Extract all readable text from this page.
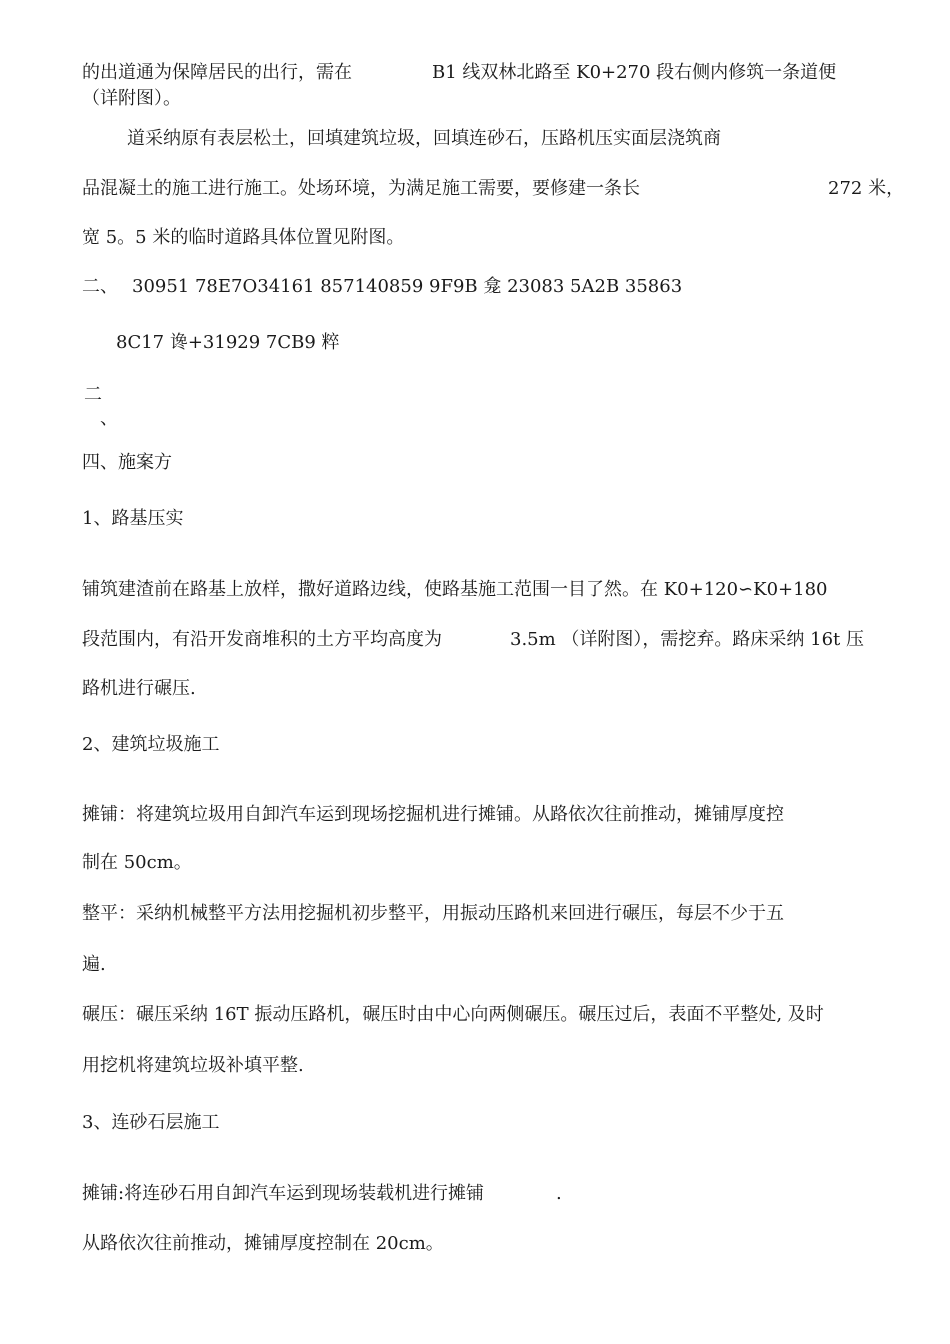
的出道通为保障居民的出行，需在	B1 线双林北路至 K0+270 段右侧内修筑一条道便
（详附图）。
道采纳原有表层松土，回填建筑垃圾，回填连砂石，压路机压实面层浇筑商
品混凝土的施工进行施工。处场环境，为满足施工需要，要修建一条长	272 米，
宽 5。5 米的临时道路具体位置见附图。
二、 30951 78E7O34161 857140859 9F9B 龛 23083 5A2B 35863
8C17 谗+31929 7CB9 粹
二
、
四、施案方
1、路基压实
铺筑建渣前在路基上放样，撒好道路边线，使路基施工范围一目了然。在 K0+120∽K0+180
段范围内，有沿开发商堆积的土方平均高度为	3.5m （详附图），需挖弃。路床采纳 16t 压
路机进行碾压.
2、建筑垃圾施工
摊铺：将建筑垃圾用自卸汽车运到现场挖掘机进行摊铺。从路依次往前推动，摊铺厚度控
制在 50cm。
整平：采纳机械整平方法用挖掘机初步整平，用振动压路机来回进行碾压，每层不少于五
遍.
碾压：碾压采纳 16T 振动压路机，碾压时由中心向两侧碾压。碾压过后，表面不平整处, 及时
用挖机将建筑垃圾补填平整.
3、连砂石层施工
摊铺:将连砂石用自卸汽车运到现场装载机进行摊铺	.
从路依次往前推动，摊铺厚度控制在 20cm。
